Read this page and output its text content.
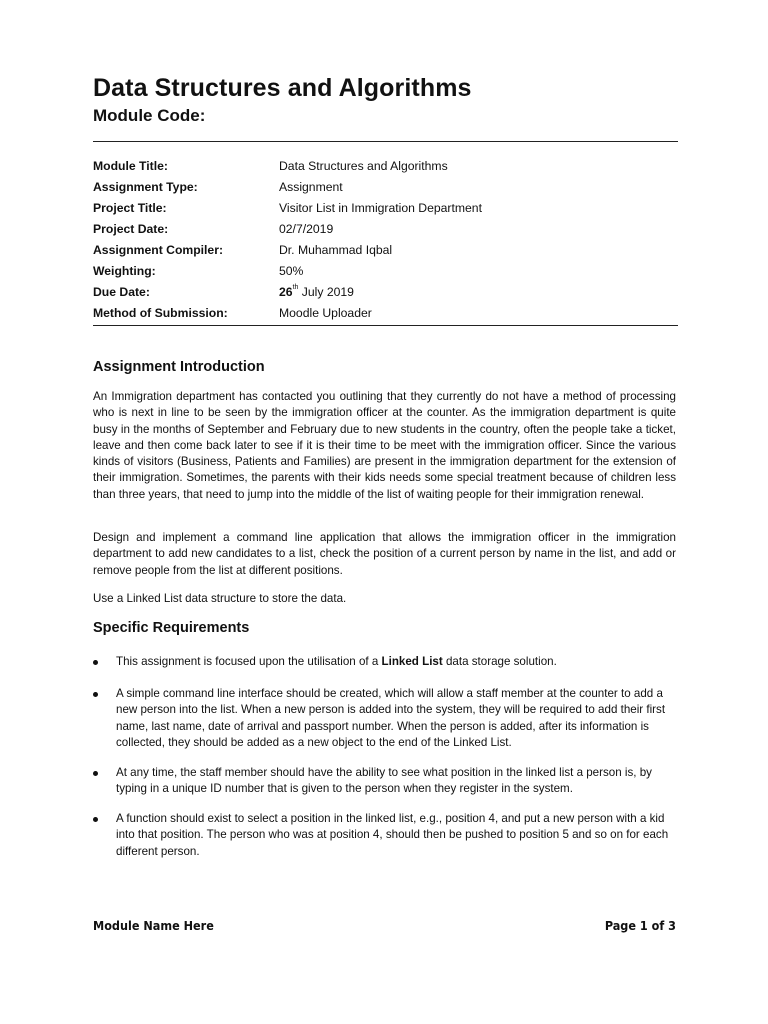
Data Structures and Algorithms
Module Code:
Module Title:	Data Structures and Algorithms
Assignment Type:	Assignment
Project Title:	Visitor List in Immigration Department
Project Date:	02/7/2019
Assignment Compiler:	Dr. Muhammad Iqbal
Weighting:	50%
Due Date:	26th July 2019
Method of Submission:	Moodle Uploader
Assignment Introduction

An Immigration department has contacted you outlining that they currently do not have a method of processing who is next in line to be seen by the immigration officer at the counter. As the immigration department is quite busy in the months of September and February due to new students in the country, often the people take a ticket, leave and then come back later to see if it is their time to be meet with the immigration officer. Since the various kinds of visitors (Business, Patients and Families) are present in the immigration department for the extension of their immigration. Sometimes, the parents with their kids needs some special treatment because of children less than three years, that need to jump into the middle of the list of waiting people for their immigration renewal.

Design and implement a command line application that allows the immigration officer in the immigration department to add new candidates to a list, check the position of a current person by name in the list, and add or remove people from the list at different positions.

Use a Linked List data structure to store the data.

Specific Requirements
This assignment is focused upon the utilisation of a Linked List data storage solution.
A simple command line interface should be created, which will allow a staff member at the counter to add a new person into the list. When a new person is added into the system, they will be required to add their first name, last name, date of arrival and passport number. When the person is added, after its information is collected, they should be added as a new object to the end of the Linked List.
At any time, the staff member should have the ability to see what position in the linked list a person is, by typing in a unique ID number that is given to the person when they register in the system.
A function should exist to select a position in the linked list, e.g., position 4, and put a new person with a kid into that position. The person who was at position 4, should then be pushed to position 5 and so on for each different person.
Module Name Here	Page 1 of 3
